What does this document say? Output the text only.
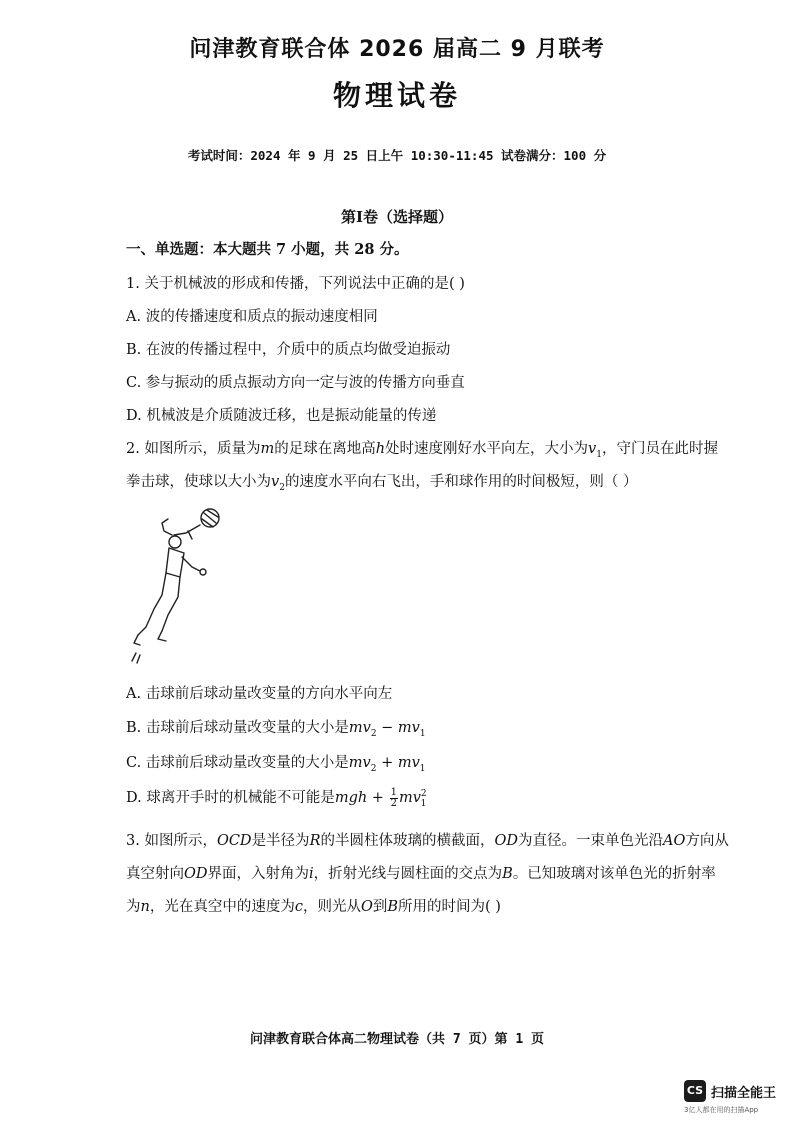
问津教育联合体 2026 届高二 9 月联考
物理试卷
考试时间：2024 年 9 月 25 日上午 10:30-11:45 试卷满分：100 分
第Ⅰ卷（选择题）
一、单选题：本大题共 7 小题，共 28 分。
1. 关于机械波的形成和传播，下列说法中正确的是( )
A. 波的传播速度和质点的振动速度相同
B. 在波的传播过程中，介质中的质点均做受迫振动
C. 参与振动的质点振动方向一定与波的传播方向垂直
D. 机械波是介质随波迁移，也是振动能量的传递
2. 如图所示，质量为m的足球在离地高h处时速度刚好水平向左，大小为$v_1$，守门员在此时握
拳击球，使球以大小为$v_2$的速度水平向右飞出，手和球作用的时间极短，则（ ）
A. 击球前后球动量改变量的方向水平向左
B. 击球前后球动量改变量的大小是$mv_2 - mv_1$
C. 击球前后球动量改变量的大小是$mv_2 + mv_1$
D. 球离开手时的机械能不可能是mgh + $\frac{1}{2} mv^2_1$
3. 如图所示，OCD是半径为R的半圆柱体玻璃的横截面，OD为直径。一束单色光沿AO方向从
真空射向OD界面，入射角为i，折射光线与圆柱面的交点为B。已知玻璃对该单色光的折射率
为n，光在真空中的速度为c，则光从O到B所用的时间为( )
问津教育联合体高二物理试卷（共 7 页）第 1 页
CS 扫描全能王
3亿人都在用的扫描App
